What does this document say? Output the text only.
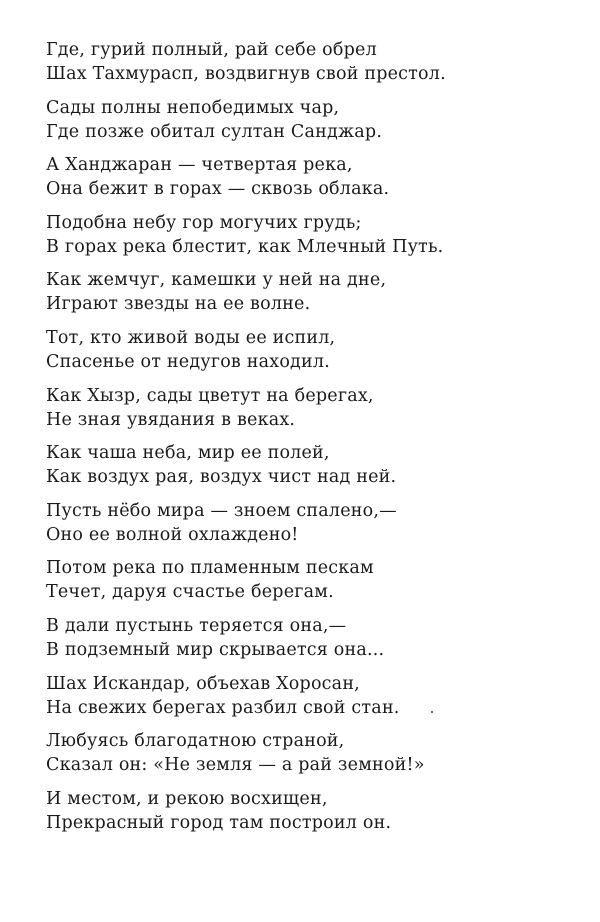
Где, гурий полный, рай себе обрел
Шах Тахмурасп, воздвигнув свой престол.
Сады полны непобедимых чар,
Где позже обитал султан Санджар.
А Ханджаран — четвертая река,
Она бежит в горах — сквозь облака.
Подобна небу гор могучих грудь;
В горах река блестит, как Млечный Путь.
Как жемчуг, камешки у ней на дне,
Играют звезды на ее волне.
Тот, кто живой воды ее испил,
Спасенье от недугов находил.
Как Хызр, сады цветут на берегах,
Не зная увядания в веках.
Как чаша неба, мир ее полей,
Как воздух рая, воздух чист над ней.
Пусть нёбо мира — зноем спалено,—
Оно ее волной охлаждено!
Потом река по пламенным пескам
Течет, даруя счастье берегам.
В дали пустынь теряется она,—
В подземный мир скрывается она...
Шах Искандар, объехав Хоросан,
На свежих берегах разбил свой стан.
Любуясь благодатною страной,
Сказал он: «Не земля — а рай земной!»
И местом, и рекою восхищен,
Прекрасный город там построил он.
